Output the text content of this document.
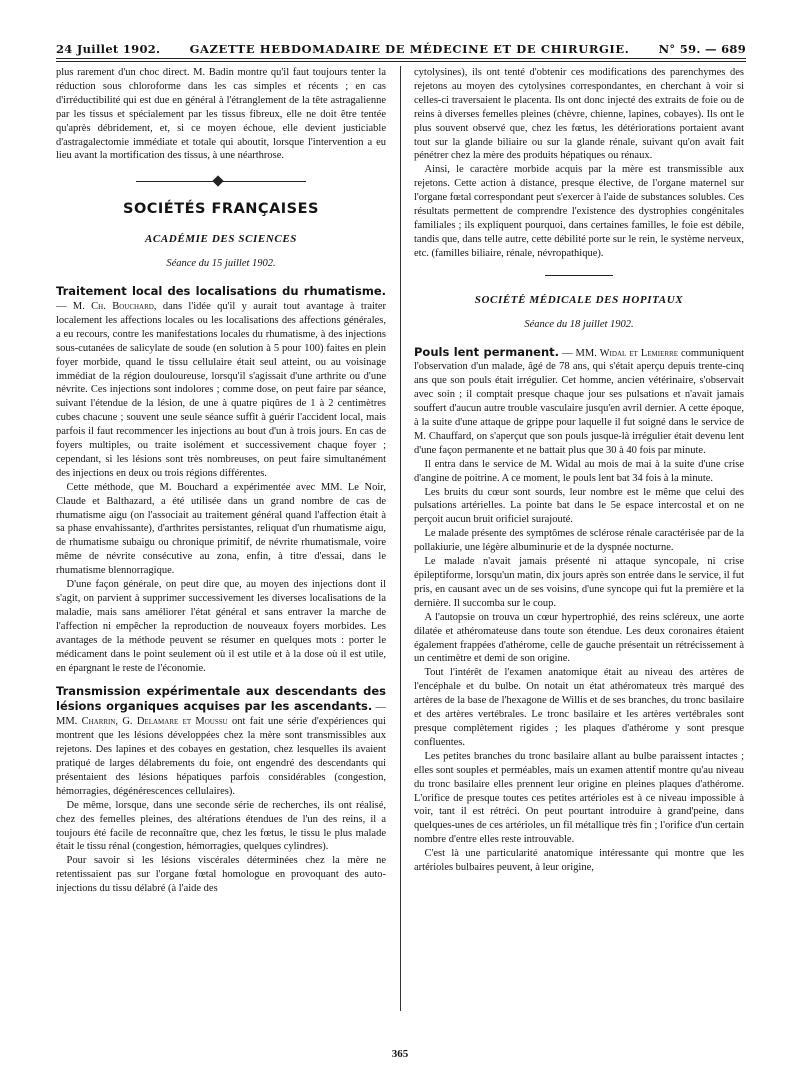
24 Juillet 1902.	GAZETTE HEBDOMADAIRE DE MÉDECINE ET DE CHIRURGIE.	N° 59. — 689

plus rarement d'un choc direct. M. Badin montre qu'il faut toujours tenter la réduction sous chloroforme dans les cas simples et récents ; en cas d'irréductibilité qui est due en général à l'étranglement de la tête astragalienne par les tissus et spécialement par les tissus fibreux, elle ne doit être tentée qu'après débridement, et, si ce moyen échoue, elle devient justiciable d'astragalectomie immédiate et totale qui aboutit, lorsque l'intervention a eu lieu avant la mortification des tissus, à une néarthrose.

SOCIÉTÉS FRANÇAISES
ACADÉMIE DES SCIENCES
Séance du 15 juillet 1902.

Traitement local des localisations du rhumatisme. — M. Ch. Bouchard, dans l'idée qu'il y aurait tout avantage à traiter localement les affections locales ou les localisations des affections générales, a eu recours, contre les manifestations locales du rhumatisme, à des injections sous-cutanées de salicylate de soude (en solution à 5 pour 100) faites en plein foyer morbide, quand le tissu cellulaire était seul atteint, ou au voisinage immédiat de la région douloureuse, lorsqu'il s'agissait d'une arthrite ou d'une névrite. Ces injections sont indolores ; comme dose, on peut faire par séance, suivant l'étendue de la lésion, de une à quatre piqûres de 1 à 2 centimètres cubes chacune ; souvent une seule séance suffit à guérir l'accident local, mais parfois il faut recommencer les injections au bout d'un à trois jours. En cas de foyers multiples, ou traite isolément et successivement chaque foyer ; cependant, si les lésions sont très nombreuses, on peut faire simultanément des injections en deux ou trois régions différentes.

Cette méthode, que M. Bouchard a expérimentée avec MM. Le Noir, Claude et Balthazard, a été utilisée dans un grand nombre de cas de rhumatisme aigu (on l'associait au traitement général quand l'affection était à sa phase envahissante), d'arthrites persistantes, reliquat d'un rhumatisme aigu, de rhumatisme subaigu ou chronique primitif, de névrite rhumatismale, voire même de névrite consécutive au zona, enfin, à titre d'essai, dans le rhumatisme blennorragique.

D'une façon générale, on peut dire que, au moyen des injections dont il s'agit, on parvient à supprimer successivement les diverses localisations de la maladie, mais sans améliorer l'état général et sans entraver la marche de l'affection ni empêcher la reproduction de nouveaux foyers morbides. Les avantages de la méthode peuvent se résumer en quelques mots : porter le médicament dans le point seulement où il est utile et à la dose où il est utile, en épargnant le reste de l'économie.

Transmission expérimentale aux descendants des lésions organiques acquises par les ascendants. — MM. Charrin, G. Delamare et Moussu ont fait une série d'expériences qui montrent que les lésions développées chez la mère sont transmissibles aux rejetons. Des lapines et des cobayes en gestation, chez lesquelles ils avaient pratiqué de larges délabrements du foie, ont engendré des descendants qui présentaient des lésions hépatiques parfois considérables (congestion, hémorragies, dégénérescences cellulaires).

De même, lorsque, dans une seconde série de recherches, ils ont réalisé, chez des femelles pleines, des altérations étendues de l'un des reins, il a toujours été facile de reconnaître que, chez les fœtus, le tissu le plus malade était le tissu rénal (congestion, hémorragies, quelques cylindres).

Pour savoir si les lésions viscérales déterminées chez la mère ne retentissaient pas sur l'organe fœtal homologue en provoquant des auto-injections du tissu délabré (à l'aide des

cytolysines), ils ont tenté d'obtenir ces modifications des parenchymes des rejetons au moyen des cytolysines correspondantes, en cherchant à voir si celles-ci traversaient le placenta. Ils ont donc injecté des extraits de foie ou de reins à diverses femelles pleines (chèvre, chienne, lapines, cobayes). Ils ont le plus souvent observé que, chez les fœtus, les détériorations portaient avant tout sur la glande biliaire ou sur la glande rénale, suivant qu'on avait fait pénétrer chez la mère des produits hépatiques ou rénaux.

Ainsi, le caractère morbide acquis par la mère est transmissible aux rejetons. Cette action à distance, presque élective, de l'organe maternel sur l'organe fœtal correspondant peut s'exercer à l'aide de substances solubles. Ces résultats permettent de comprendre l'existence des dystrophies congénitales familiales ; ils expliquent pourquoi, dans certaines familles, le foie est débile, tandis que, dans telle autre, cette débilité porte sur le rein, le système nerveux, etc. (familles biliaire, rénale, névropathique).

SOCIÉTÉ MÉDICALE DES HOPITAUX
Séance du 18 juillet 1902.

Pouls lent permanent. — MM. Widal et Lemierre communiquent l'observation d'un malade, âgé de 78 ans, qui s'était aperçu depuis trente-cinq ans que son pouls était irrégulier. Cet homme, ancien vétérinaire, s'observait avec soin ; il comptait presque chaque jour ses pulsations et n'avait jamais souffert d'aucun autre trouble vasculaire jusqu'en avril dernier. A cette époque, à la suite d'une attaque de grippe pour laquelle il fut soigné dans le service de M. Chauffard, on s'aperçut que son pouls jusque-là irrégulier était devenu lent d'une façon permanente et ne battait plus que 30 à 40 fois par minute.

Il entra dans le service de M. Widal au mois de mai à la suite d'une crise d'angine de poitrine. A ce moment, le pouls lent bat 34 fois à la minute.

Les bruits du cœur sont sourds, leur nombre est le même que celui des pulsations artérielles. La pointe bat dans le 5e espace intercostal et on ne perçoit aucun bruit orificiel surajouté.

Le malade présente des symptômes de sclérose rénale caractérisée par de la pollakiurie, une légère albuminurie et de la dyspnée nocturne.

Le malade n'avait jamais présenté ni attaque syncopale, ni crise épileptiforme, lorsqu'un matin, dix jours après son entrée dans le service, il fut pris, en causant avec un de ses voisins, d'une syncope qui fut la première et la dernière. Il succomba sur le coup.

A l'autopsie on trouva un cœur hypertrophié, des reins scléreux, une aorte dilatée et athéromateuse dans toute son étendue. Les deux coronaires étaient également frappées d'athérome, celle de gauche présentait un rétrécissement à un centimètre et demi de son origine.

Tout l'intérêt de l'examen anatomique était au niveau des artères de l'encéphale et du bulbe. On notait un état athéromateux très marqué des artères de la base de l'hexagone de Willis et de ses branches, du tronc basilaire et des artères vertébrales. Le tronc basilaire et les artères vertébrales sont presque complètement rigides ; les plaques d'athérome y sont presque confluentes.

Les petites branches du tronc basilaire allant au bulbe paraissent intactes ; elles sont souples et perméables, mais un examen attentif montre qu'au niveau du tronc basilaire elles prennent leur origine en pleines plaques d'athérome. L'orifice de presque toutes ces petites artérioles est à ce niveau impossible à voir, tant il est rétréci. On peut pourtant introduire à grand'peine, dans quelques-unes de ces artérioles, un fil métallique très fin ; l'orifice d'un certain nombre d'entre elles reste introuvable.

C'est là une particularité anatomique intéressante qui montre que les artérioles bulbaires peuvent, à leur origine,

365
